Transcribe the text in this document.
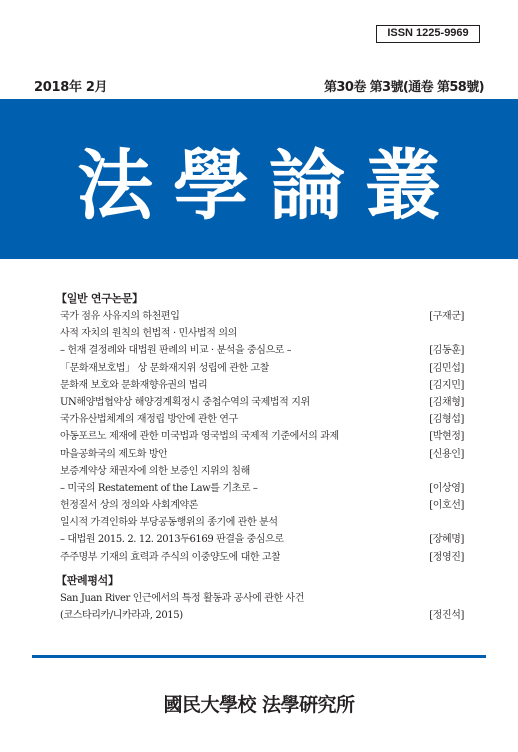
ISSN 1225-9969
2018年 2月	第30卷 第3號(通卷 第58號)
法學論叢
【일반 연구논문】
국가 점유 사유지의 하천편입	[구재군]
사적 자치의 원칙의 헌법적 · 민사법적 의의
– 헌재 결정례와 대법원 판례의 비교 · 분석을 중심으로 –	[김동훈]
「문화재보호법」 상 문화재지위 성립에 관한 고찰	[김민섭]
문화재 보호와 문화재향유권의 법리	[김지민]
UN해양법협약상 해양경계획정시 중첩수역의 국제법적 지위	[김채형]
국가유산법체계의 재정립 방안에 관한 연구	[김형섭]
아동포르노 제재에 관한 미국법과 영국법의 국제적 기준에서의 과제	[박현정]
마을공화국의 제도화 방안	[신용인]
보증계약상 채권자에 의한 보증인 지위의 침해
– 미국의 Restatement of the Law를 기초로 –	[이상영]
헌정질서 상의 정의와 사회계약론	[이호선]
일시적 가격인하와 부당공동행위의 종기에 관한 분석
– 대법원 2015. 2. 12. 2013두6169 판결을 중심으로	[장혜명]
주주명부 기재의 효력과 주식의 이중양도에 대한 고찰	[정영진]
【판례평석】
San Juan River 인근에서의 특정 활동과 공사에 관한 사건
(코스타리카/니카라과, 2015)	[정진석]
國民大學校 法學硏究所
